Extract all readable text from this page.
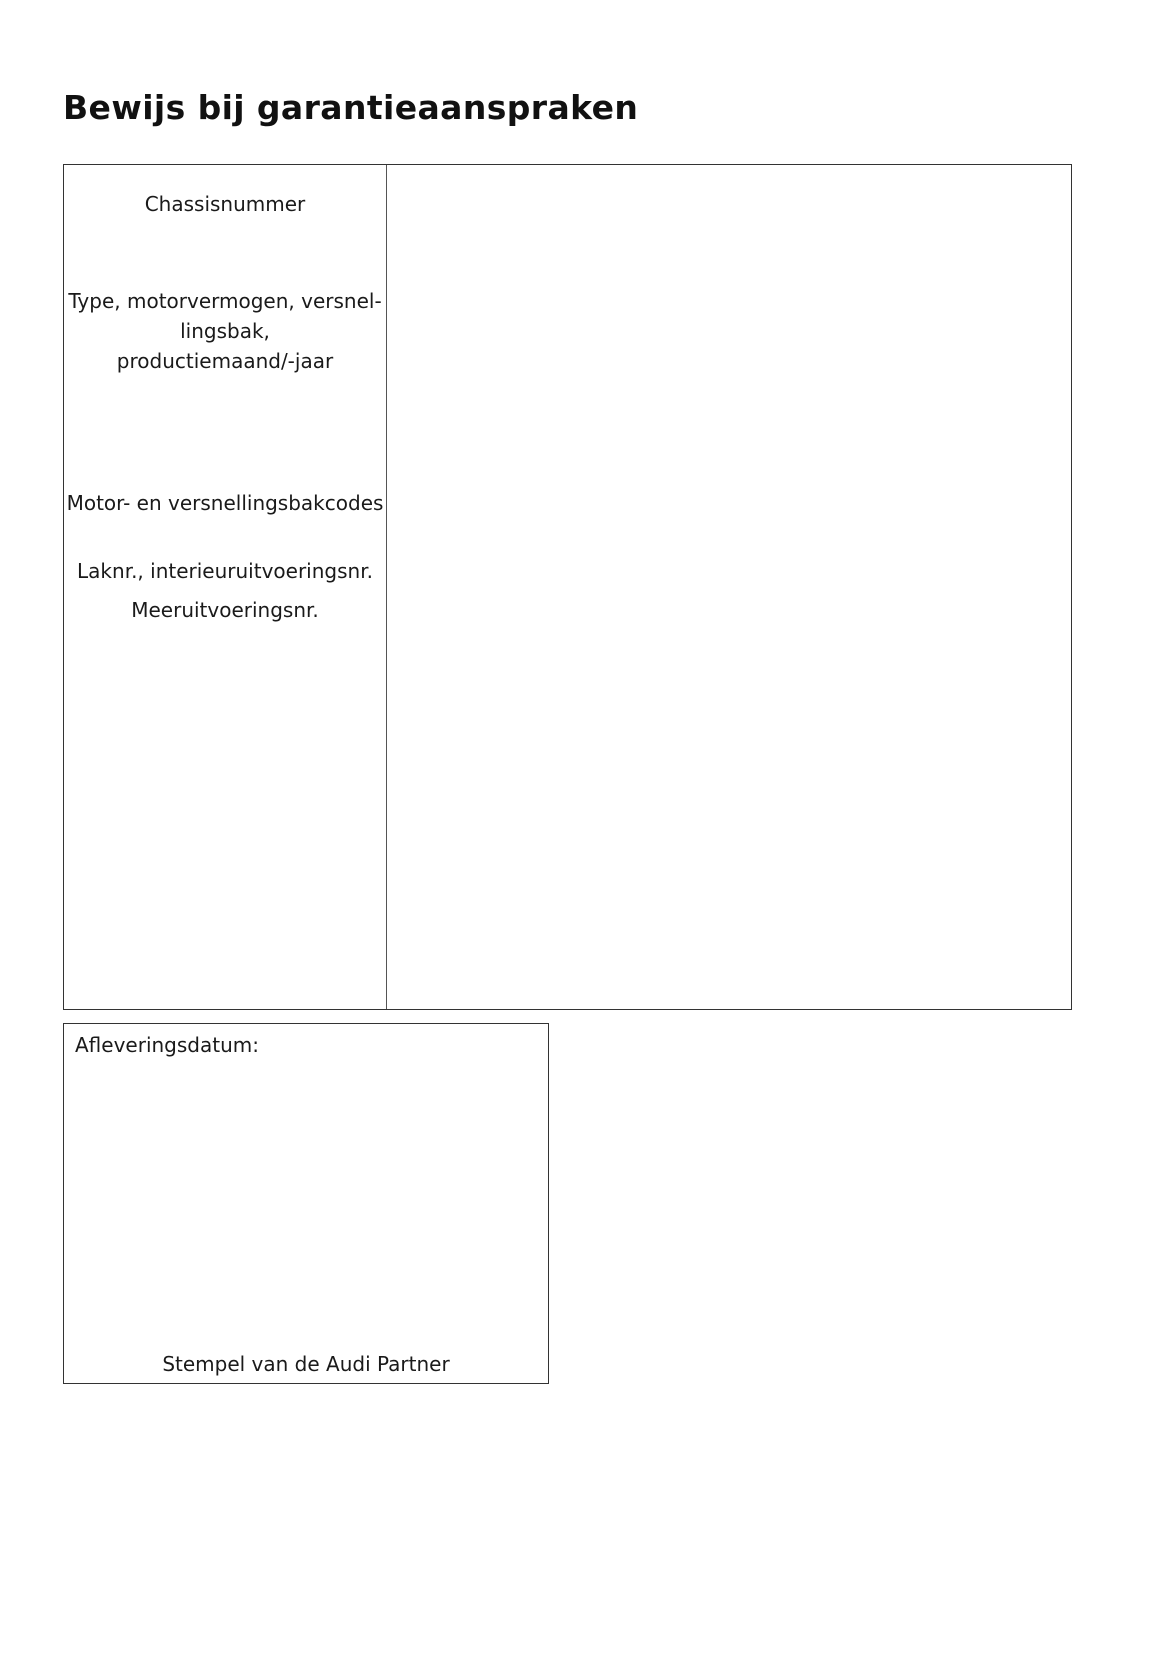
Bewijs bij garantieaanspraken

Chassisnummer

Type, motorvermogen, versnel-
lingsbak,
productiemaand/-jaar

Motor- en versnellingsbakcodes

Laknr., interieuruitvoeringsnr.

Meeruitvoeringsnr.

Afleveringsdatum:

Stempel van de Audi Partner
